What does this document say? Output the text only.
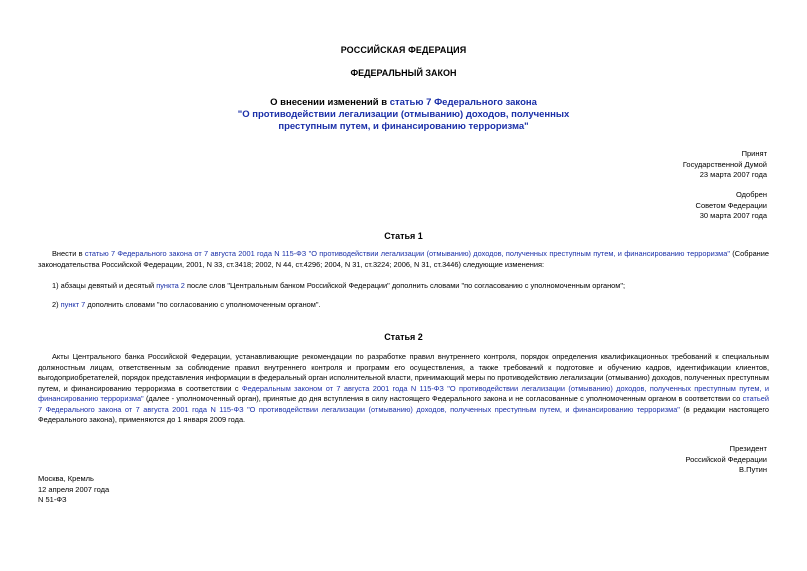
РОССИЙСКАЯ ФЕДЕРАЦИЯ
ФЕДЕРАЛЬНЫЙ ЗАКОН
О внесении изменений в статью 7 Федерального закона
"О противодействии легализации (отмыванию) доходов, полученных
преступным путем, и финансированию терроризма"
Принят
Государственной Думой
23 марта 2007 года
Одобрен
Советом Федерации
30 марта 2007 года
Статья 1
Внести в статью 7 Федерального закона от 7 августа 2001 года N 115-ФЗ "О противодействии легализации (отмыванию) доходов, полученных преступным путем, и финансированию терроризма" (Собрание законодательства Российской Федерации, 2001, N 33, ст.3418; 2002, N 44, ст.4296; 2004, N 31, ст.3224; 2006, N 31, ст.3446) следующие изменения:
1) абзацы девятый и десятый пункта 2 после слов "Центральным банком Российской Федерации" дополнить словами "по согласованию с уполномоченным органом";
2) пункт 7 дополнить словами "по согласованию с уполномоченным органом".
Статья 2
Акты Центрального банка Российской Федерации, устанавливающие рекомендации по разработке правил внутреннего контроля, порядок определения квалификационных требований к специальным должностным лицам, ответственным за соблюдение правил внутреннего контроля и программ его осуществления, а также требований к подготовке и обучению кадров, идентификации клиентов, выгодоприобретателей, порядок представления информации в федеральный орган исполнительной власти, принимающий меры по противодействию легализации (отмыванию) доходов, полученных преступным путем, и финансированию терроризма в соответствии с Федеральным законом от 7 августа 2001 года N 115-ФЗ "О противодействии легализации (отмыванию) доходов, полученных преступным путем, и финансированию терроризма" (далее - уполномоченный орган), принятые до дня вступления в силу настоящего Федерального закона и не согласованные с уполномоченным органом в соответствии со статьей 7 Федерального закона от 7 августа 2001 года N 115-ФЗ "О противодействии легализации (отмыванию) доходов, полученных преступным путем, и финансированию терроризма" (в редакции настоящего Федерального закона), применяются до 1 января 2009 года.
Президент
Российской Федерации
В.Путин
Москва, Кремль
12 апреля 2007 года
N 51-ФЗ
